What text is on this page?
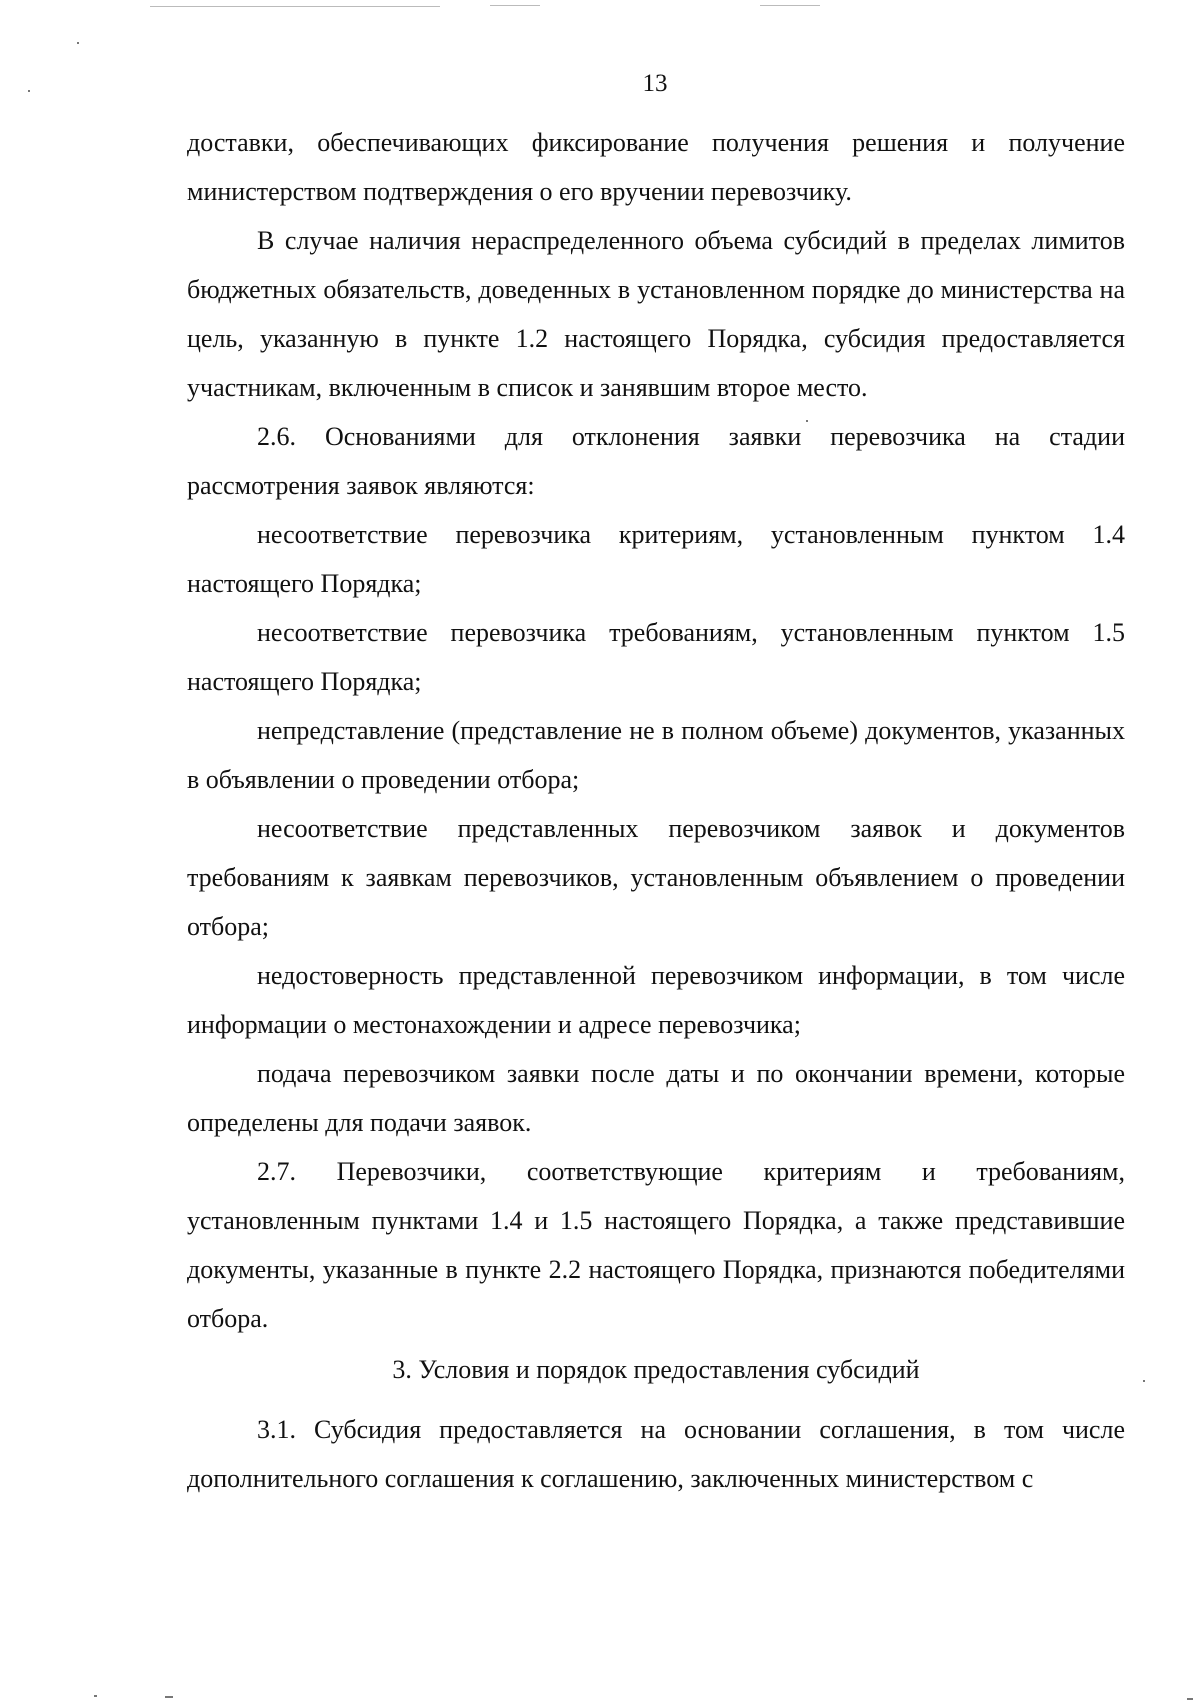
13

доставки, обеспечивающих фиксирование получения решения и получение министерством подтверждения о его вручении перевозчику.

В случае наличия нераспределенного объема субсидий в пределах лимитов бюджетных обязательств, доведенных в установленном порядке до министерства на цель, указанную в пункте 1.2 настоящего Порядка, субсидия предоставляется участникам, включенным в список и занявшим второе место.

2.6. Основаниями для отклонения заявки перевозчика на стадии рассмотрения заявок являются:

несоответствие перевозчика критериям, установленным пунктом 1.4 настоящего Порядка;

несоответствие перевозчика требованиям, установленным пунктом 1.5 настоящего Порядка;

непредставление (представление не в полном объеме) документов, указанных в объявлении о проведении отбора;

несоответствие представленных перевозчиком заявок и документов требованиям к заявкам перевозчиков, установленным объявлением о проведении отбора;

недостоверность представленной перевозчиком информации, в том числе информации о местонахождении и адресе перевозчика;

подача перевозчиком заявки после даты и по окончании времени, которые определены для подачи заявок.

2.7. Перевозчики, соответствующие критериям и требованиям, установленным пунктами 1.4 и 1.5 настоящего Порядка, а также представившие документы, указанные в пункте 2.2 настоящего Порядка, признаются победителями отбора.

3. Условия и порядок предоставления субсидий

3.1. Субсидия предоставляется на основании соглашения, в том числе дополнительного соглашения к соглашению, заключенных министерством с
